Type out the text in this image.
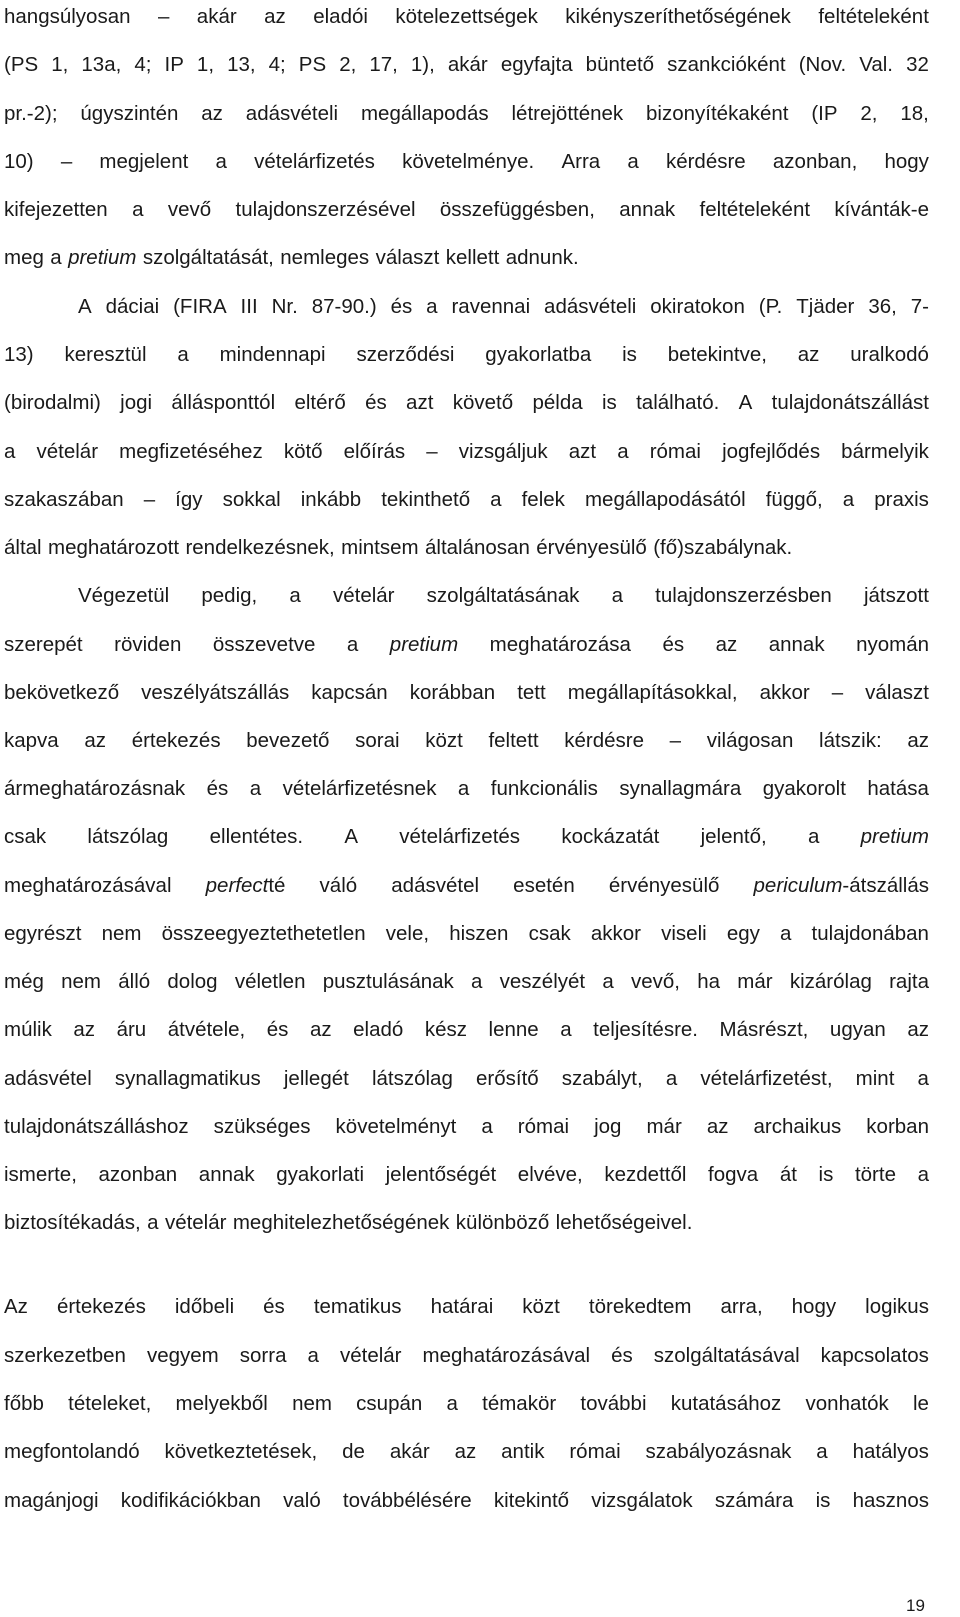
hangsúlyosan – akár az eladói kötelezettségek kikényszeríthetőségének feltételeként
(PS 1, 13a, 4; IP 1, 13, 4; PS 2, 17, 1), akár egyfajta büntető szankcióként (Nov. Val. 32
pr.-2); úgyszintén az adásvételi megállapodás létrejöttének bizonyítékaként (IP 2, 18,
10) – megjelent a vételárfizetés követelménye. Arra a kérdésre azonban, hogy
kifejezetten a vevő tulajdonszerzésével összefüggésben, annak feltételeként kívánták-e
meg a pretium szolgáltatását, nemleges választ kellett adnunk.
A dáciai (FIRA III Nr. 87-90.) és a ravennai adásvételi okiratokon (P. Tjäder 36, 7-
13) keresztül a mindennapi szerződési gyakorlatba is betekintve, az uralkodó
(birodalmi) jogi állásponttól eltérő és azt követő példa is található. A tulajdonátszállást
a vételár megfizetéséhez kötő előírás – vizsgáljuk azt a római jogfejlődés bármelyik
szakaszában – így sokkal inkább tekinthető a felek megállapodásától függő, a praxis
által meghatározott rendelkezésnek, mintsem általánosan érvényesülő (fő)szabálynak.
Végezetül pedig, a vételár szolgáltatásának a tulajdonszerzésben játszott
szerepét röviden összevetve a pretium meghatározása és az annak nyomán
bekövetkező veszélyátszállás kapcsán korábban tett megállapításokkal, akkor – választ
kapva az értekezés bevezető sorai közt feltett kérdésre – világosan látszik: az
ármeghatározásnak és a vételárfizetésnek a funkcionális synallagmára gyakorolt hatása
csak látszólag ellentétes. A vételárfizetés kockázatát jelentő, a pretium
meghatározásával perfectté váló adásvétel esetén érvényesülő periculum-átszállás
egyrészt nem összeegyeztethetetlen vele, hiszen csak akkor viseli egy a tulajdonában
még nem álló dolog véletlen pusztulásának a veszélyét a vevő, ha már kizárólag rajta
múlik az áru átvétele, és az eladó kész lenne a teljesítésre. Másrészt, ugyan az
adásvétel synallagmatikus jellegét látszólag erősítő szabályt, a vételárfizetést, mint a
tulajdonátszálláshoz szükséges követelményt a római jog már az archaikus korban
ismerte, azonban annak gyakorlati jelentőségét elvéve, kezdettől fogva át is törte a
biztosítékadás, a vételár meghitelezhetőségének különböző lehetőségeivel.
Az értekezés időbeli és tematikus határai közt törekedtem arra, hogy logikus
szerkezetben vegyem sorra a vételár meghatározásával és szolgáltatásával kapcsolatos
főbb tételeket, melyekből nem csupán a témakör további kutatásához vonhatók le
megfontolandó következtetések, de akár az antik római szabályozásnak a hatályos
magánjogi kodifikációkban való továbbélésére kitekintő vizsgálatok számára is hasznos
19
